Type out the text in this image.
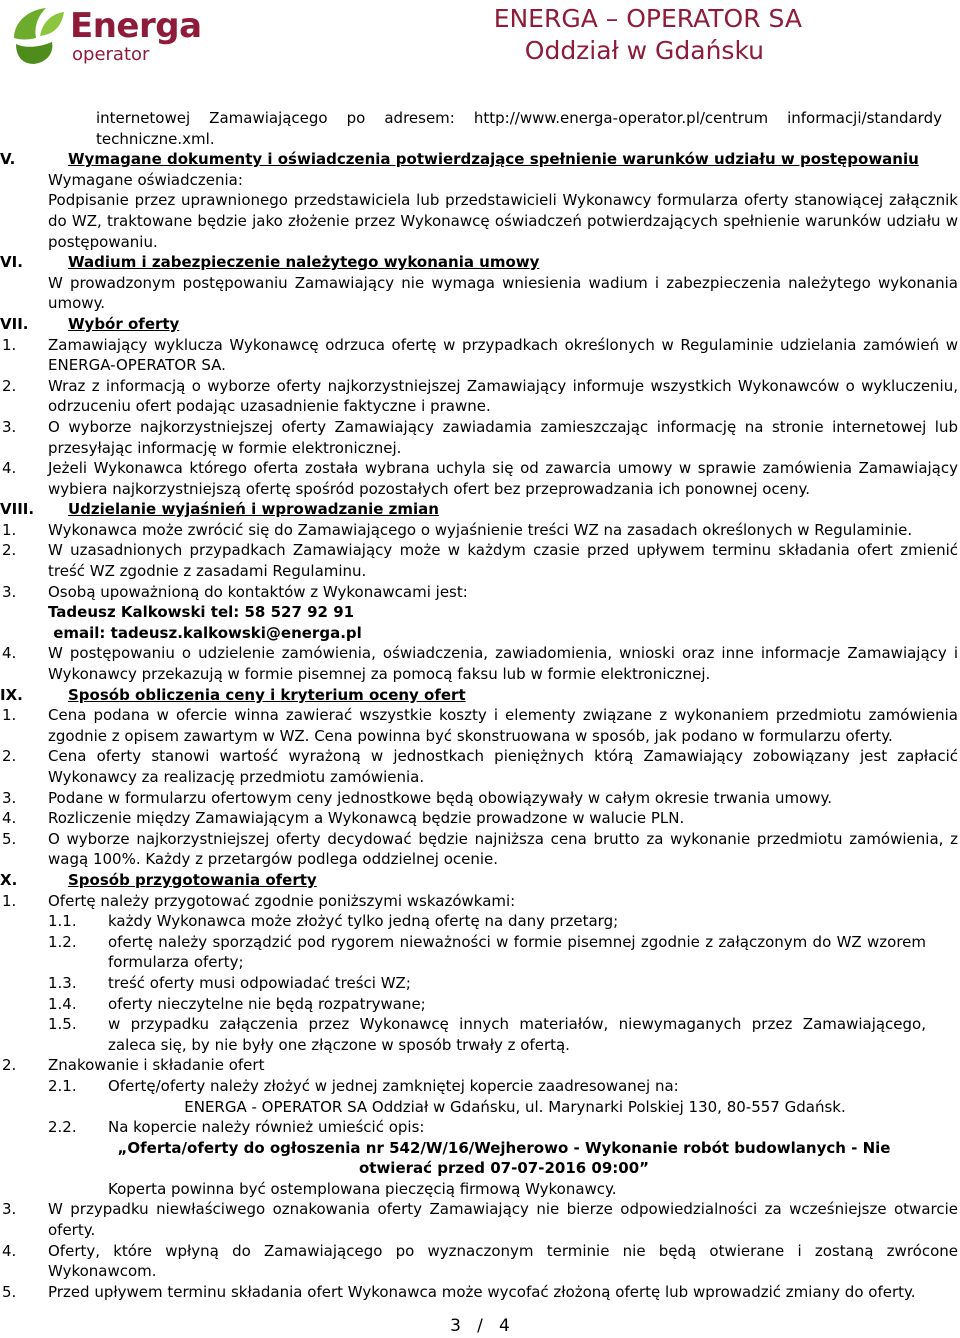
Energa
operator
ENERGA – OPERATOR SA
Oddział w Gdańsku
internetowej Zamawiającego po adresem: http://www.energa-operator.pl/centrum informacji/standardy techniczne.xml.
V.	Wymagane dokumenty i oświadczenia potwierdzające spełnienie warunków udziału w postępowaniu
Wymagane oświadczenia:
Podpisanie przez uprawnionego przedstawiciela lub przedstawicieli Wykonawcy formularza oferty stanowiącej załącznik do WZ, traktowane będzie jako złożenie przez Wykonawcę oświadczeń potwierdzających spełnienie warunków udziału w postępowaniu.
VI.	Wadium i zabezpieczenie należytego wykonania umowy
W prowadzonym postępowaniu Zamawiający nie wymaga wniesienia wadium i zabezpieczenia należytego wykonania umowy.
VII.	Wybór oferty
1. Zamawiający wyklucza Wykonawcę odrzuca ofertę w przypadkach określonych w Regulaminie udzielania zamówień w ENERGA-OPERATOR SA.
2. Wraz z informacją o wyborze oferty najkorzystniejszej Zamawiający informuje wszystkich Wykonawców o wykluczeniu, odrzuceniu ofert podając uzasadnienie faktyczne i prawne.
3. O wyborze najkorzystniejszej oferty Zamawiający zawiadamia zamieszczając informację na stronie internetowej lub przesyłając informację w formie elektronicznej.
4. Jeżeli Wykonawca którego oferta została wybrana uchyla się od zawarcia umowy w sprawie zamówienia Zamawiający wybiera najkorzystniejszą ofertę spośród pozostałych ofert bez przeprowadzania ich ponownej oceny.
VIII. Udzielanie wyjaśnień i wprowadzanie zmian
1. Wykonawca może zwrócić się do Zamawiającego o wyjaśnienie treści WZ na zasadach określonych w Regulaminie.
2. W uzasadnionych przypadkach Zamawiający może w każdym czasie przed upływem terminu składania ofert zmienić treść WZ zgodnie z zasadami Regulaminu.
3. Osobą upoważnioną do kontaktów z Wykonawcami jest:
Tadeusz Kalkowski tel: 58 527 92 91
email: tadeusz.kalkowski@energa.pl
4. W postępowaniu o udzielenie zamówienia, oświadczenia, zawiadomienia, wnioski oraz inne informacje Zamawiający i Wykonawcy przekazują w formie pisemnej za pomocą faksu lub w formie elektronicznej.
IX.	Sposób obliczenia ceny i kryterium oceny ofert
1. Cena podana w ofercie winna zawierać wszystkie koszty i elementy związane z wykonaniem przedmiotu zamówienia zgodnie z opisem zawartym w WZ. Cena powinna być skonstruowana w sposób, jak podano w formularzu oferty.
2. Cena oferty stanowi wartość wyrażoną w jednostkach pieniężnych którą Zamawiający zobowiązany jest zapłacić Wykonawcy za realizację przedmiotu zamówienia.
3. Podane w formularzu ofertowym ceny jednostkowe będą obowiązywały w całym okresie trwania umowy.
4. Rozliczenie między Zamawiającym a Wykonawcą będzie prowadzone w walucie PLN.
5. O wyborze najkorzystniejszej oferty decydować będzie najniższa cena brutto za wykonanie przedmiotu zamówienia, z wagą 100%. Każdy z przetargów podlega oddzielnej ocenie.
X.	Sposób przygotowania oferty
1. Ofertę należy przygotować zgodnie poniższymi wskazówkami:
1.1. każdy Wykonawca może złożyć tylko jedną ofertę na dany przetarg;
1.2. ofertę należy sporządzić pod rygorem nieważności w formie pisemnej zgodnie z załączonym do WZ wzorem formularza oferty;
1.3. treść oferty musi odpowiadać treści WZ;
1.4. oferty nieczytelne nie będą rozpatrywane;
1.5. w przypadku załączenia przez Wykonawcę innych materiałów, niewymaganych przez Zamawiającego, zaleca się, by nie były one złączone w sposób trwały z ofertą.
2. Znakowanie i składanie ofert
2.1. Ofertę/oferty należy złożyć w jednej zamkniętej kopercie zaadresowanej na:
ENERGA - OPERATOR SA Oddział w Gdańsku, ul. Marynarki Polskiej 130, 80-557 Gdańsk.
2.2. Na kopercie należy również umieścić opis:
„Oferta/oferty do ogłoszenia nr 542/W/16/Wejherowo - Wykonanie robót budowlanych - Nie
otwierać przed 07-07-2016 09:00”
Koperta powinna być ostemplowana pieczęcią firmową Wykonawcy.
3. W przypadku niewłaściwego oznakowania oferty Zamawiający nie bierze odpowiedzialności za wcześniejsze otwarcie oferty.
4. Oferty, które wpłyną do Zamawiającego po wyznaczonym terminie nie będą otwierane i zostaną zwrócone Wykonawcom.
5. Przed upływem terminu składania ofert Wykonawca może wycofać złożoną ofertę lub wprowadzić zmiany do oferty.
3   /   4
